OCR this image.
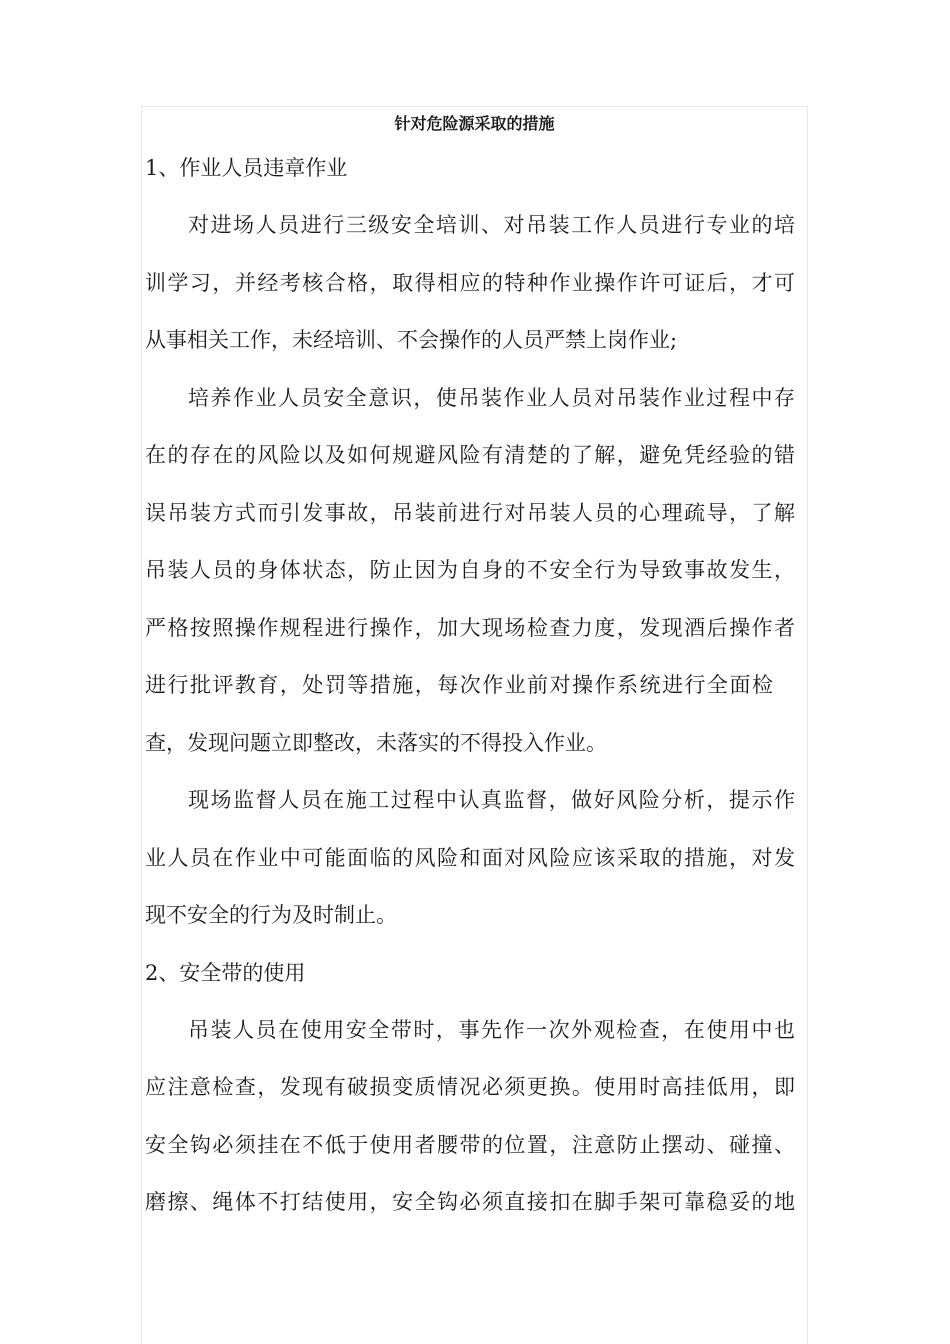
针对危险源采取的措施

1、作业人员违章作业

对进场人员进行三级安全培训、对吊装工作人员进行专业的培
训学习，并经考核合格，取得相应的特种作业操作许可证后，才可
从事相关工作，未经培训、不会操作的人员严禁上岗作业;
培养作业人员安全意识，使吊装作业人员对吊装作业过程中存
在的存在的风险以及如何规避风险有清楚的了解，避免凭经验的错
误吊装方式而引发事故，吊装前进行对吊装人员的心理疏导，了解
吊装人员的身体状态，防止因为自身的不安全行为导致事故发生，
严格按照操作规程进行操作，加大现场检查力度，发现酒后操作者
进行批评教育，处罚等措施，每次作业前对操作系统进行全面检
查，发现问题立即整改，未落实的不得投入作业。
现场监督人员在施工过程中认真监督，做好风险分析，提示作
业人员在作业中可能面临的风险和面对风险应该采取的措施，对发
现不安全的行为及时制止。

2、安全带的使用

吊装人员在使用安全带时，事先作一次外观检查，在使用中也
应注意检查，发现有破损变质情况必须更换。使用时高挂低用，即
安全钩必须挂在不低于使用者腰带的位置，注意防止摆动、碰撞、
磨擦、绳体不打结使用，安全钩必须直接扣在脚手架可靠稳妥的地
